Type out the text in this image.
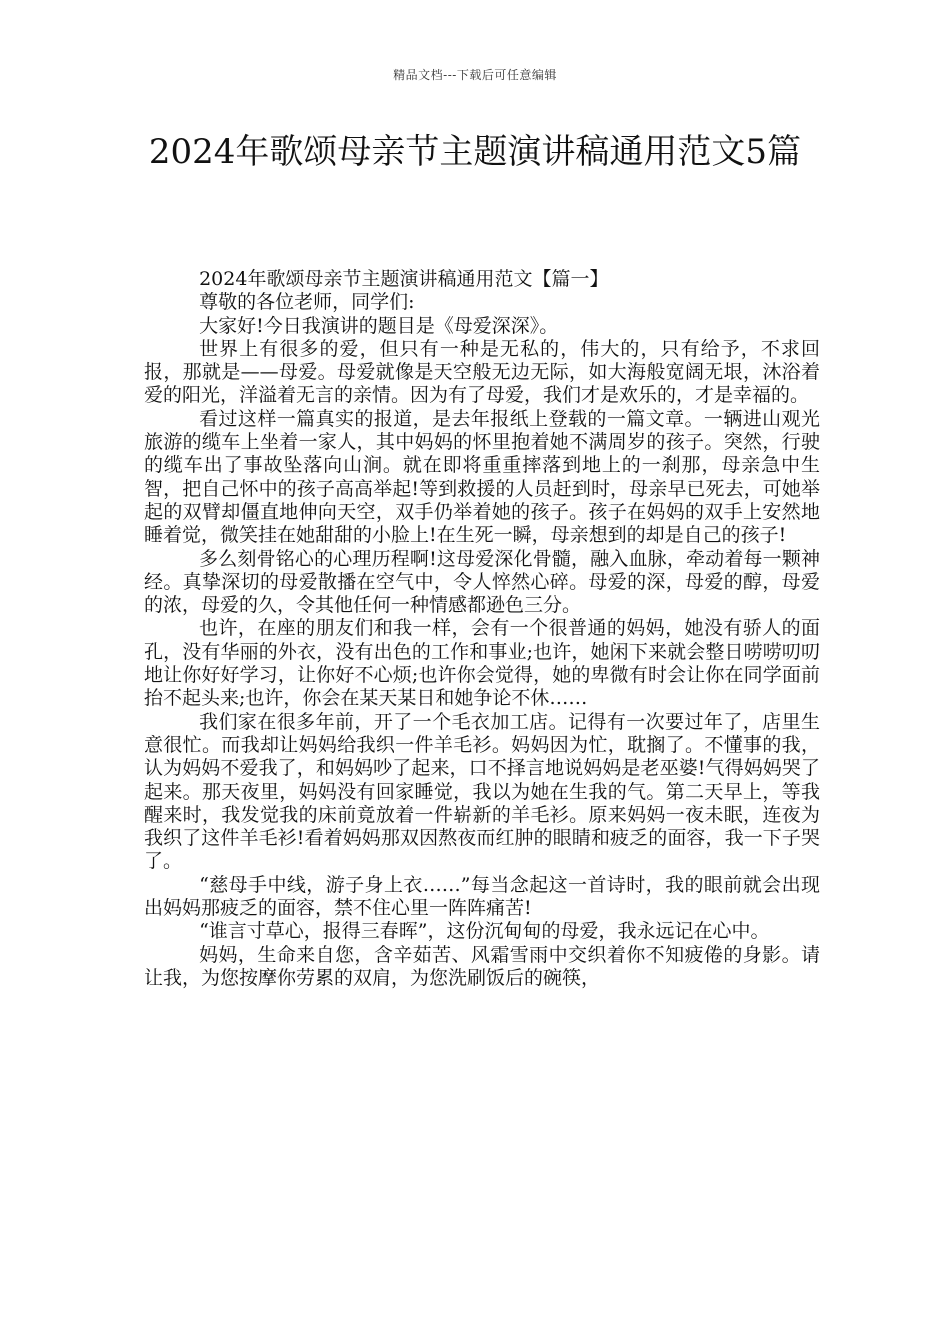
精品文档---下载后可任意编辑
2024年歌颂母亲节主题演讲稿通用范文5篇

2024年歌颂母亲节主题演讲稿通用范文【篇一】

尊敬的各位老师，同学们:

大家好!今日我演讲的题目是《母爱深深》。

世界上有很多的爱，但只有一种是无私的，伟大的，只有给予，不求回报，那就是——母爱。母爱就像是天空般无边无际，如大海般宽阔无垠，沐浴着爱的阳光，洋溢着无言的亲情。因为有了母爱，我们才是欢乐的，才是幸福的。

看过这样一篇真实的报道，是去年报纸上登载的一篇文章。一辆进山观光旅游的缆车上坐着一家人，其中妈妈的怀里抱着她不满周岁的孩子。突然，行驶的缆车出了事故坠落向山涧。就在即将重重摔落到地上的一刹那，母亲急中生智，把自己怀中的孩子高高举起!等到救援的人员赶到时，母亲早已死去，可她举起的双臂却僵直地伸向天空，双手仍举着她的孩子。孩子在妈妈的双手上安然地睡着觉，微笑挂在她甜甜的小脸上!在生死一瞬，母亲想到的却是自己的孩子!

多么刻骨铭心的心理历程啊!这母爱深化骨髓，融入血脉，牵动着每一颗神经。真挚深切的母爱散播在空气中，令人悴然心碎。母爱的深，母爱的醇，母爱的浓，母爱的久，令其他任何一种情感都逊色三分。

也许，在座的朋友们和我一样，会有一个很普通的妈妈，她没有骄人的面孔，没有华丽的外衣，没有出色的工作和事业;也许，她闲下来就会整日唠唠叨叨地让你好好学习，让你好不心烦;也许你会觉得，她的卑微有时会让你在同学面前抬不起头来;也许，你会在某天某日和她争论不休……

我们家在很多年前，开了一个毛衣加工店。记得有一次要过年了，店里生意很忙。而我却让妈妈给我织一件羊毛衫。妈妈因为忙，耽搁了。不懂事的我，认为妈妈不爱我了，和妈妈吵了起来，口不择言地说妈妈是老巫婆!气得妈妈哭了起来。那天夜里，妈妈没有回家睡觉，我以为她在生我的气。第二天早上，等我醒来时，我发觉我的床前竟放着一件崭新的羊毛衫。原来妈妈一夜未眠，连夜为我织了这件羊毛衫!看着妈妈那双因熬夜而红肿的眼睛和疲乏的面容，我一下子哭了。

“慈母手中线，游子身上衣……”每当念起这一首诗时，我的眼前就会出现出妈妈那疲乏的面容，禁不住心里一阵阵痛苦!

“谁言寸草心，报得三春晖”，这份沉甸甸的母爱，我永远记在心中。

妈妈，生命来自您，含辛茹苦、风霜雪雨中交织着你不知疲倦的身影。请让我，为您按摩你劳累的双肩，为您洗刷饭后的碗筷，
